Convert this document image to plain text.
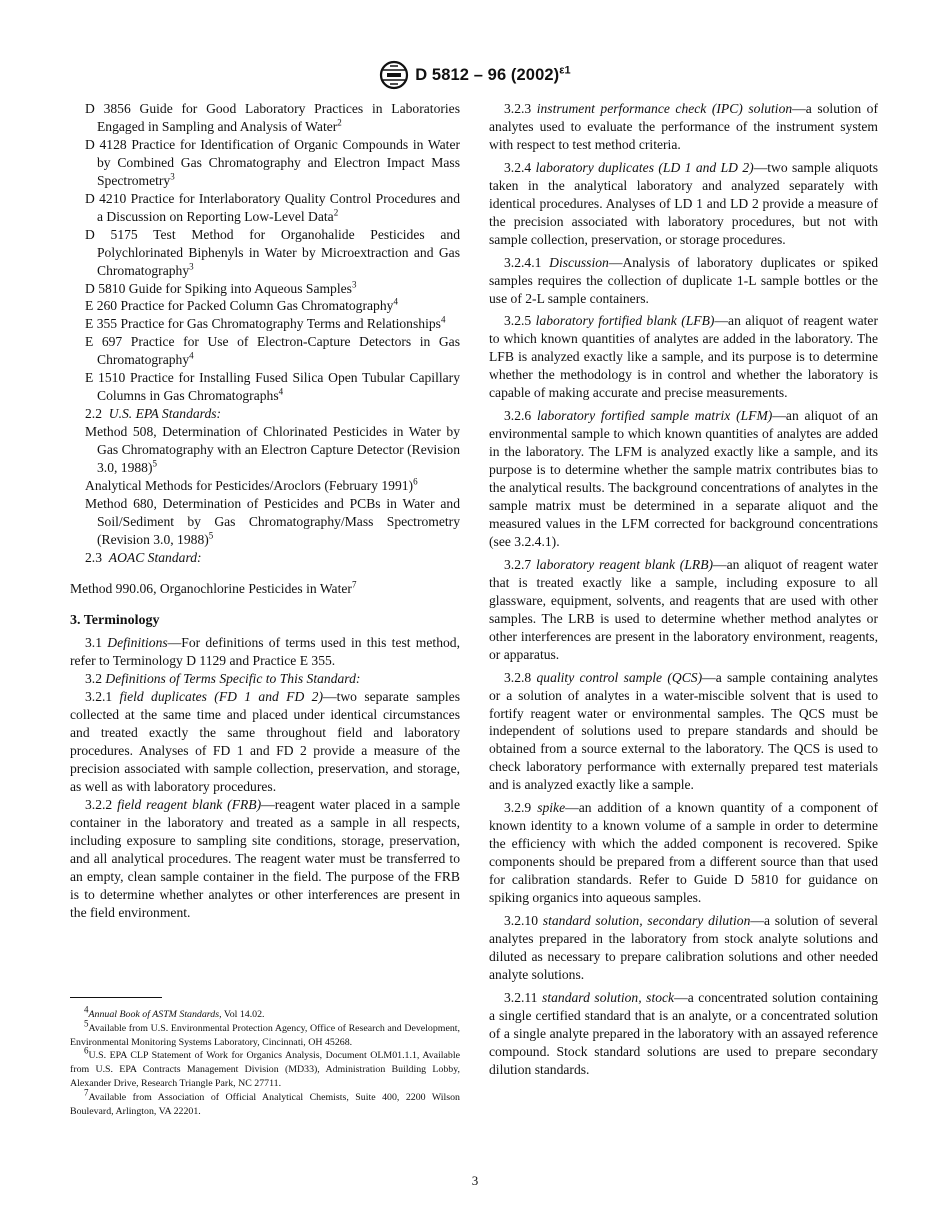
D 5812 – 96 $(2002)^{\varepsilon 1}$

D 3856 Guide for Good Laboratory Practices in Laboratories Engaged in Sampling and Analysis of Water$^2$

D 4128 Practice for Identification of Organic Compounds in Water by Combined Gas Chromatography and Electron Impact Mass Spectrometry$^3$

D 4210 Practice for Interlaboratory Quality Control Procedures and a Discussion on Reporting Low-Level Data$^2$

D 5175 Test Method for Organohalide Pesticides and Polychlorinated Biphenyls in Water by Microextraction and Gas Chromatography$^3$

D 5810 Guide for Spiking into Aqueous Samples$^3$

E 260 Practice for Packed Column Gas Chromatography$^4$

E 355 Practice for Gas Chromatography Terms and Relationships$^4$

E 697 Practice for Use of Electron-Capture Detectors in Gas Chromatography$^4$

E 1510 Practice for Installing Fused Silica Open Tubular Capillary Columns in Gas Chromatographs$^4$

2.2 U.S. EPA Standards:

Method 508, Determination of Chlorinated Pesticides in Water by Gas Chromatography with an Electron Capture Detector (Revision 3.0, 1988)$^5$

Analytical Methods for Pesticides/Aroclors (February 1991)$^6$

Method 680, Determination of Pesticides and PCBs in Water and Soil/Sediment by Gas Chromatography/Mass Spectrometry (Revision 3.0, 1988)$^5$

2.3 AOAC Standard:

Method 990.06, Organochlorine Pesticides in Water$^7$

3. Terminology

3.1 Definitions—For definitions of terms used in this test method, refer to Terminology D 1129 and Practice E 355.

3.2 Definitions of Terms Specific to This Standard:

3.2.1 field duplicates (FD 1 and FD 2)—two separate samples collected at the same time and placed under identical circumstances and treated exactly the same throughout field and laboratory procedures. Analyses of FD 1 and FD 2 provide a measure of the precision associated with sample collection, preservation, and storage, as well as with laboratory procedures.

3.2.2 field reagent blank (FRB)—reagent water placed in a sample container in the laboratory and treated as a sample in all respects, including exposure to sampling site conditions, storage, preservation, and all analytical procedures. The reagent water must be transferred to an empty, clean sample container in the field. The purpose of the FRB is to determine whether analytes or other interferences are present in the field environment.

3.2.3 instrument performance check (IPC) solution—a solution of analytes used to evaluate the performance of the instrument system with respect to test method criteria.

3.2.4 laboratory duplicates (LD 1 and LD 2)—two sample aliquots taken in the analytical laboratory and analyzed separately with identical procedures. Analyses of LD 1 and LD 2 provide a measure of the precision associated with laboratory procedures, but not with sample collection, preservation, or storage procedures.

3.2.4.1 Discussion—Analysis of laboratory duplicates or spiked samples requires the collection of duplicate 1-L sample bottles or the use of 2-L sample containers.

3.2.5 laboratory fortified blank (LFB)—an aliquot of reagent water to which known quantities of analytes are added in the laboratory. The LFB is analyzed exactly like a sample, and its purpose is to determine whether the methodology is in control and whether the laboratory is capable of making accurate and precise measurements.

3.2.6 laboratory fortified sample matrix (LFM)—an aliquot of an environmental sample to which known quantities of analytes are added in the laboratory. The LFM is analyzed exactly like a sample, and its purpose is to determine whether the sample matrix contributes bias to the analytical results. The background concentrations of analytes in the sample matrix must be determined in a separate aliquot and the measured values in the LFM corrected for background concentrations (see 3.2.4.1).

3.2.7 laboratory reagent blank (LRB)—an aliquot of reagent water that is treated exactly like a sample, including exposure to all glassware, equipment, solvents, and reagents that are used with other samples. The LRB is used to determine whether method analytes or other interferences are present in the laboratory environment, reagents, or apparatus.

3.2.8 quality control sample (QCS)—a sample containing analytes or a solution of analytes in a water-miscible solvent that is used to fortify reagent water or environmental samples. The QCS must be independent of solutions used to prepare standards and should be obtained from a source external to the laboratory. The QCS is used to check laboratory performance with externally prepared test materials and is analyzed exactly like a sample.

3.2.9 spike—an addition of a known quantity of a component of known identity to a known volume of a sample in order to determine the efficiency with which the added component is recovered. Spike components should be prepared from a different source than that used for calibration standards. Refer to Guide D 5810 for guidance on spiking organics into aqueous samples.

3.2.10 standard solution, secondary dilution—a solution of several analytes prepared in the laboratory from stock analyte solutions and diluted as necessary to prepare calibration solutions and other needed analyte solutions.

3.2.11 standard solution, stock—a concentrated solution containing a single certified standard that is an analyte, or a concentrated solution of a single analyte prepared in the laboratory with an assayed reference compound. Stock standard solutions are used to prepare secondary dilution standards.

$^4$Annual Book of ASTM Standards, Vol 14.02.

$^5$Available from U.S. Environmental Protection Agency, Office of Research and Development, Environmental Monitoring Systems Laboratory, Cincinnati, OH 45268.

$^6$U.S. EPA CLP Statement of Work for Organics Analysis, Document OLM01.1.1, Available from U.S. EPA Contracts Management Division (MD33), Administration Building Lobby, Alexander Drive, Research Triangle Park, NC 27711.

$^7$Available from Association of Official Analytical Chemists, Suite 400, 2200 Wilson Boulevard, Arlington, VA 22201.

3
